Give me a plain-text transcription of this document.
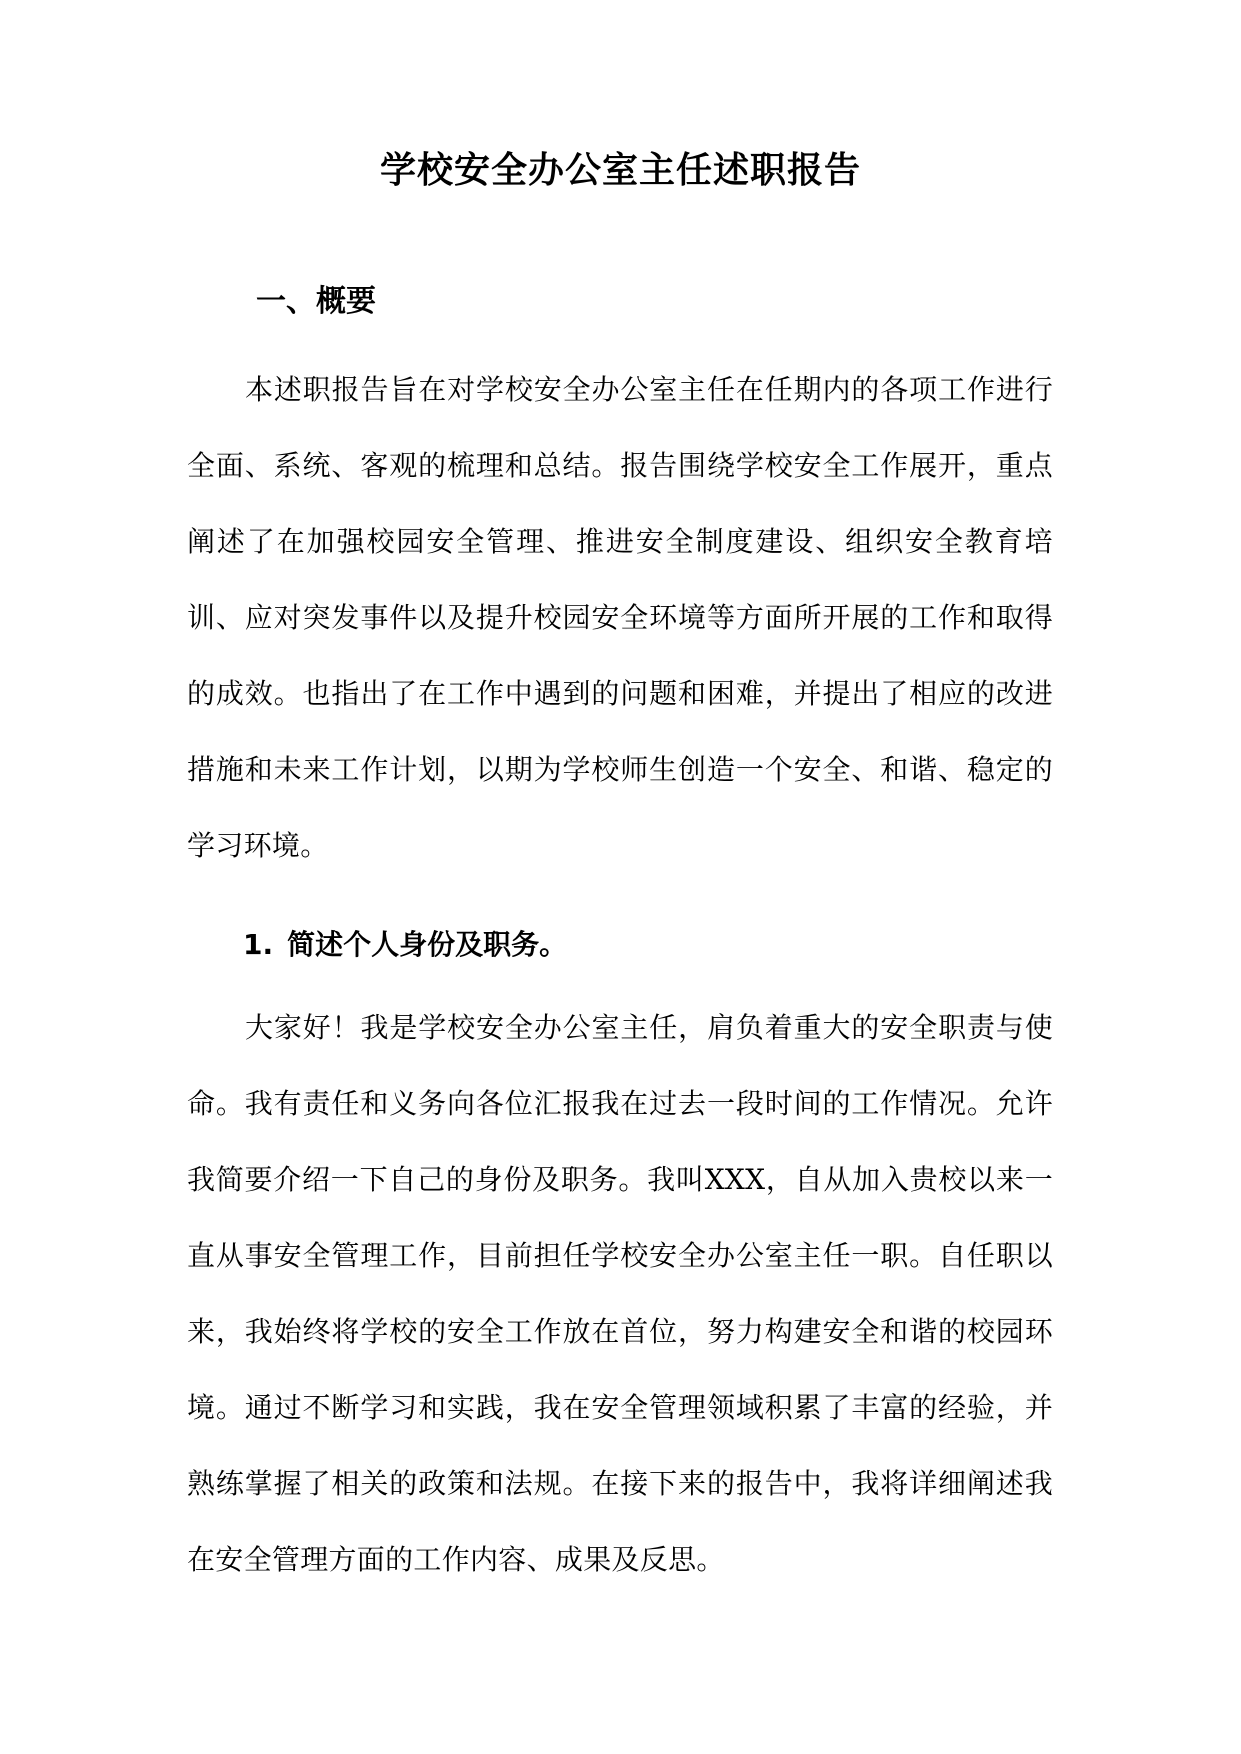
学校安全办公室主任述职报告
一、概要

本述职报告旨在对学校安全办公室主任在任期内的各项工作进行全面、系统、客观的梳理和总结。报告围绕学校安全工作展开，重点阐述了在加强校园安全管理、推进安全制度建设、组织安全教育培训、应对突发事件以及提升校园安全环境等方面所开展的工作和取得的成效。也指出了在工作中遇到的问题和困难，并提出了相应的改进措施和未来工作计划，以期为学校师生创造一个安全、和谐、稳定的学习环境。

1. 简述个人身份及职务。

大家好！我是学校安全办公室主任，肩负着重大的安全职责与使命。我有责任和义务向各位汇报我在过去一段时间的工作情况。允许我简要介绍一下自己的身份及职务。我叫XXX，自从加入贵校以来一直从事安全管理工作，目前担任学校安全办公室主任一职。自任职以来，我始终将学校的安全工作放在首位，努力构建安全和谐的校园环境。通过不断学习和实践，我在安全管理领域积累了丰富的经验，并熟练掌握了相关的政策和法规。在接下来的报告中，我将详细阐述我在安全管理方面的工作内容、成果及反思。
